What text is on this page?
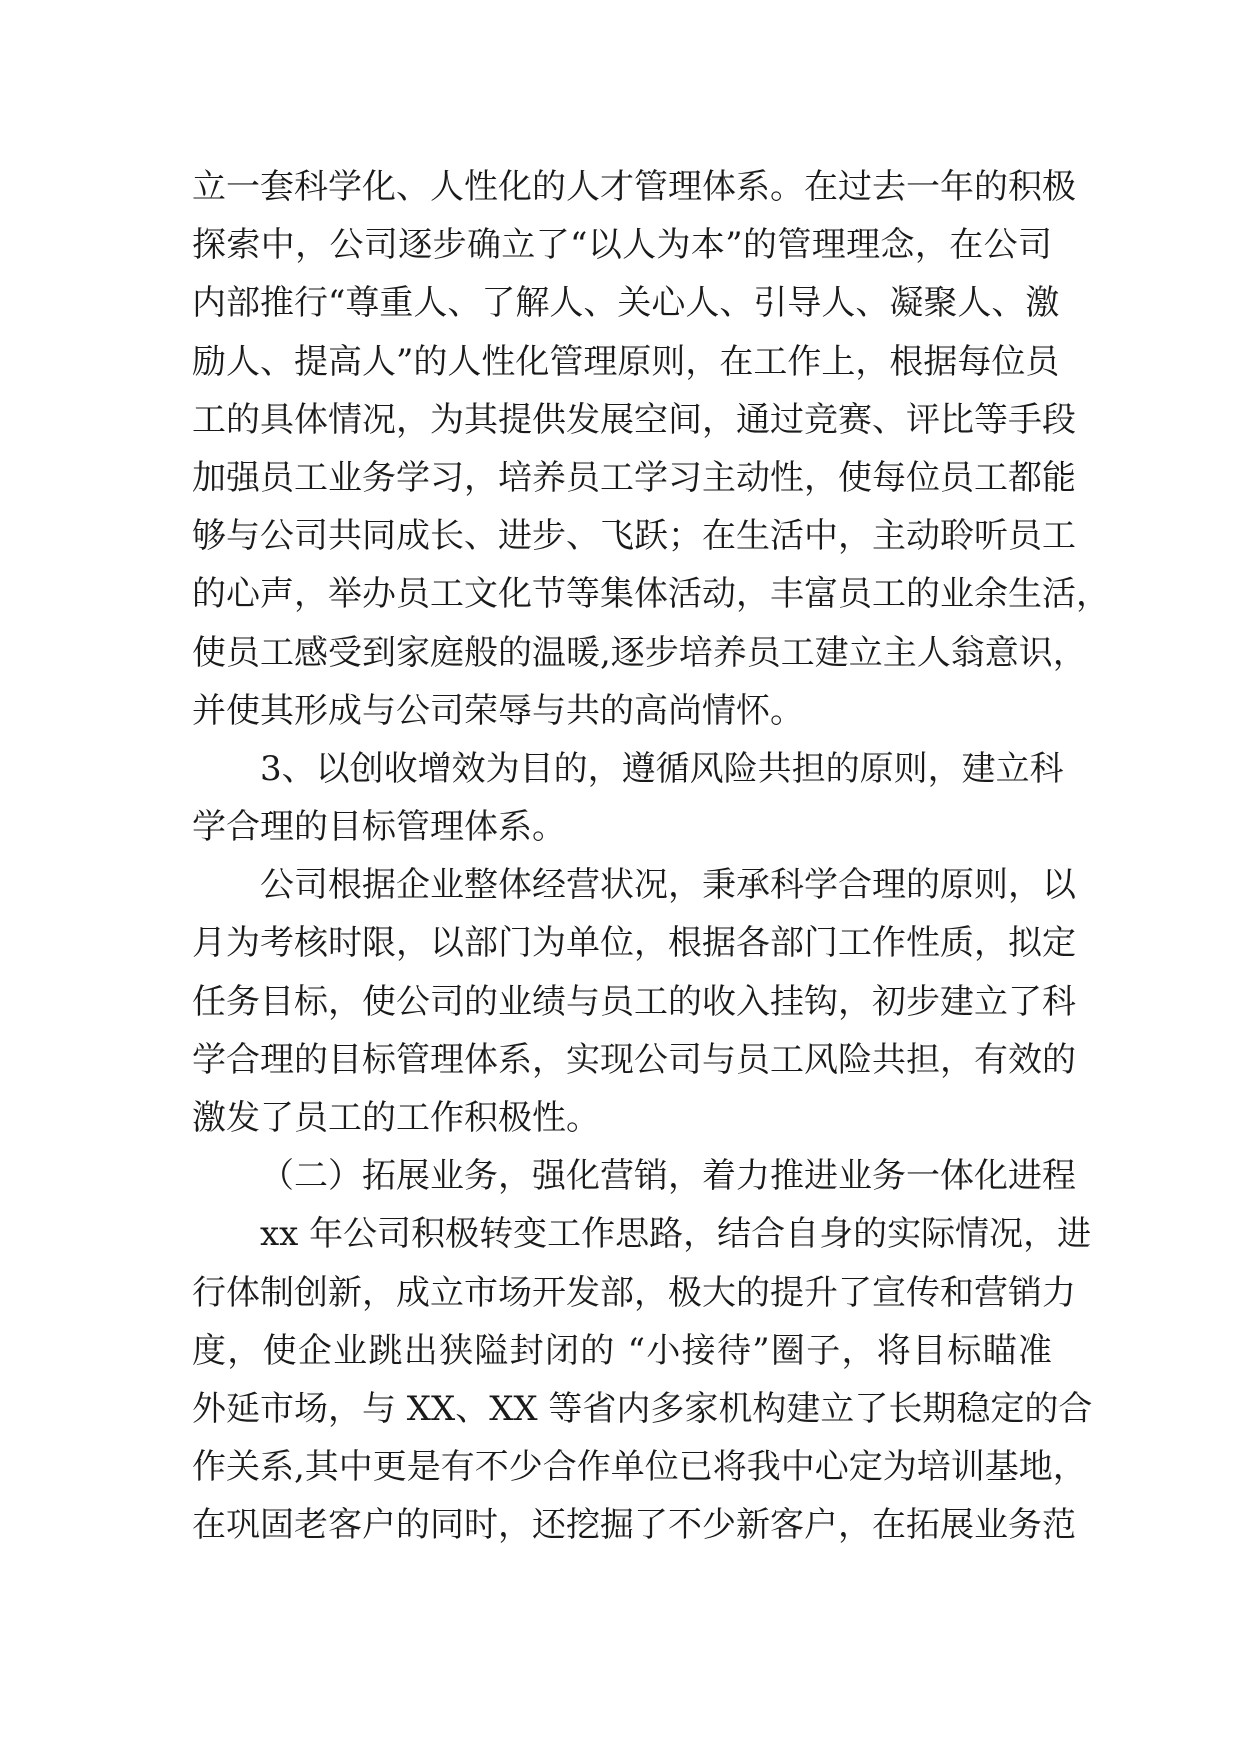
立一套科学化、人性化的人才管理体系。在过去一年的积极
探索中，公司逐步确立了“以人为本”的管理理念，在公司
内部推行“尊重人、了解人、关心人、引导人、凝聚人、激
励人、提高人”的人性化管理原则，在工作上，根据每位员
工的具体情况，为其提供发展空间，通过竞赛、评比等手段
加强员工业务学习，培养员工学习主动性，使每位员工都能
够与公司共同成长、进步、飞跃；在生活中，主动聆听员工
的心声，举办员工文化节等集体活动，丰富员工的业余生活，
使员工感受到家庭般的温暖,逐步培养员工建立主人翁意识，
并使其形成与公司荣辱与共的高尚情怀。
3、以创收增效为目的，遵循风险共担的原则，建立科
学合理的目标管理体系。
公司根据企业整体经营状况，秉承科学合理的原则，以
月为考核时限，以部门为单位，根据各部门工作性质，拟定
任务目标，使公司的业绩与员工的收入挂钩，初步建立了科
学合理的目标管理体系，实现公司与员工风险共担，有效的
激发了员工的工作积极性。
（二）拓展业务，强化营销，着力推进业务一体化进程
xx 年公司积极转变工作思路，结合自身的实际情况，进
行体制创新，成立市场开发部，极大的提升了宣传和营销力
度，使企业跳出狭隘封闭的 “小接待”圈子，将目标瞄准
外延市场，与 XX、XX 等省内多家机构建立了长期稳定的合
作关系,其中更是有不少合作单位已将我中心定为培训基地，
在巩固老客户的同时，还挖掘了不少新客户，在拓展业务范
